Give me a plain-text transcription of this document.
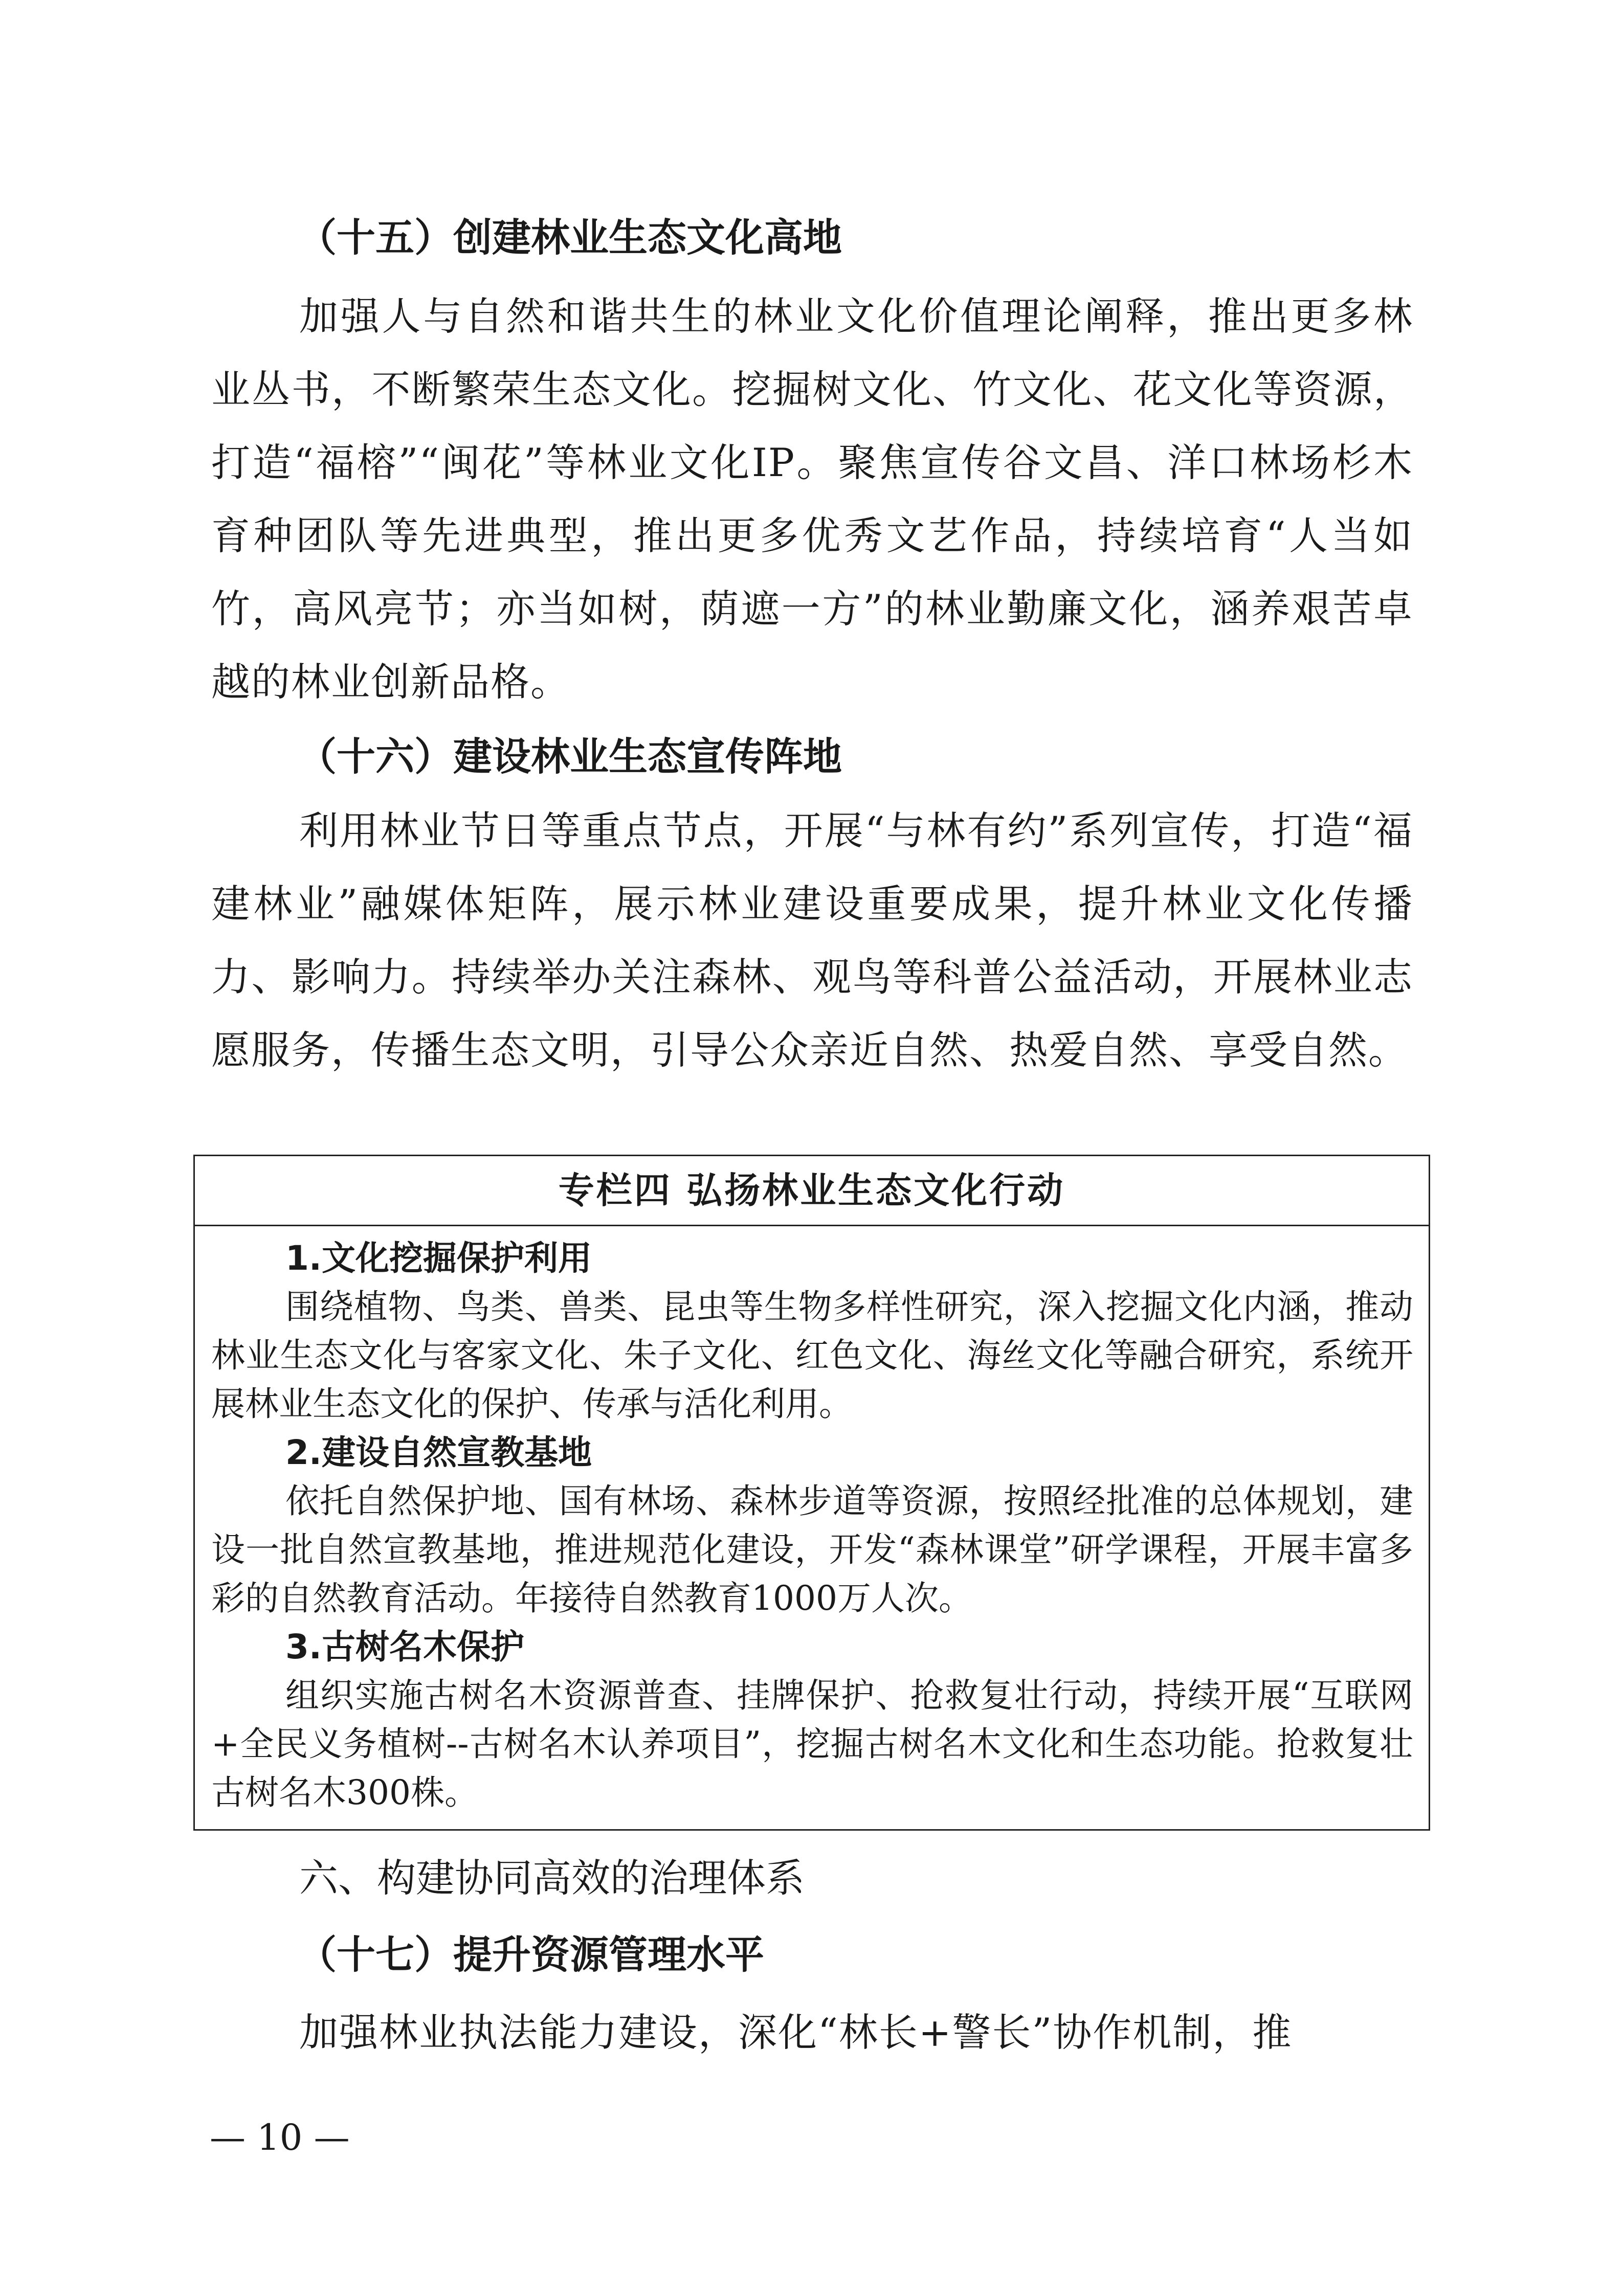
（十五）创建林业生态文化高地
加强人与自然和谐共生的林业文化价值理论阐释，推出更多林业丛书，不断繁荣生态文化。挖掘树文化、竹文化、花文化等资源，打造“福榕”“闽花”等林业文化IP。聚焦宣传谷文昌、洋口林场杉木育种团队等先进典型，推出更多优秀文艺作品，持续培育“人当如竹，高风亮节；亦当如树，荫遮一方”的林业勤廉文化，涵养艰苦卓越的林业创新品格。
（十六）建设林业生态宣传阵地
利用林业节日等重点节点，开展“与林有约”系列宣传，打造“福建林业”融媒体矩阵，展示林业建设重要成果，提升林业文化传播力、影响力。持续举办关注森林、观鸟等科普公益活动，开展林业志愿服务，传播生态文明，引导公众亲近自然、热爱自然、享受自然。
专栏四 弘扬林业生态文化行动
1.文化挖掘保护利用
围绕植物、鸟类、兽类、昆虫等生物多样性研究，深入挖掘文化内涵，推动林业生态文化与客家文化、朱子文化、红色文化、海丝文化等融合研究，系统开展林业生态文化的保护、传承与活化利用。
2.建设自然宣教基地
依托自然保护地、国有林场、森林步道等资源，按照经批准的总体规划，建设一批自然宣教基地，推进规范化建设，开发“森林课堂”研学课程，开展丰富多彩的自然教育活动。年接待自然教育1000万人次。
3.古树名木保护
组织实施古树名木资源普查、挂牌保护、抢救复壮行动，持续开展“互联网+全民义务植树--古树名木认养项目”，挖掘古树名木文化和生态功能。抢救复壮古树名木300株。
六、构建协同高效的治理体系
（十七）提升资源管理水平
加强林业执法能力建设，深化“林长+警长”协作机制，推
— 10 —
